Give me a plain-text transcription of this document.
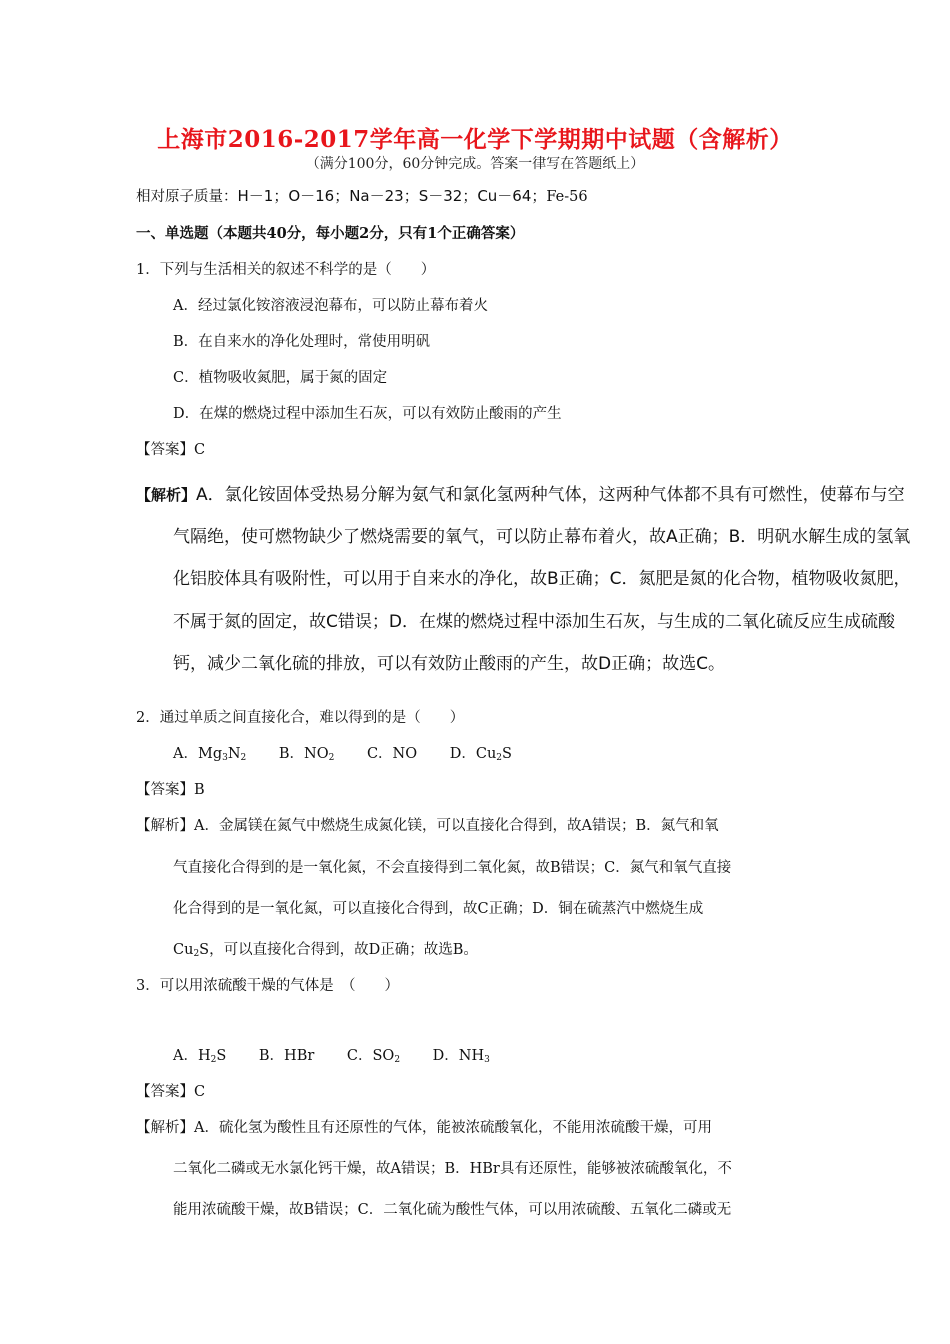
上海市2016-2017学年高一化学下学期期中试题（含解析）
（满分100分，60分钟完成。答案一律写在答题纸上）
相对原子质量：H－1；O－16；Na－23；S－32；Cu－64；Fe-56
一、单选题（本题共40分，每小题2分，只有1个正确答案）
1．下列与生活相关的叙述不科学的是（　　）
A．经过氯化铵溶液浸泡幕布，可以防止幕布着火
B．在自来水的净化处理时，常使用明矾
C．植物吸收氮肥，属于氮的固定
D．在煤的燃烧过程中添加生石灰，可以有效防止酸雨的产生
【答案】C
【解析】A．氯化铵固体受热易分解为氨气和氯化氢两种气体，这两种气体都不具有可燃性，使幕布与空
气隔绝，使可燃物缺少了燃烧需要的氧气，可以防止幕布着火，故A正确；B．明矾水解生成的氢氧
化铝胶体具有吸附性，可以用于自来水的净化，故B正确；C．氮肥是氮的化合物，植物吸收氮肥，
不属于氮的固定，故C错误；D．在煤的燃烧过程中添加生石灰，与生成的二氧化硫反应生成硫酸
钙，减少二氧化硫的排放，可以有效防止酸雨的产生，故D正确；故选C。
2．通过单质之间直接化合，难以得到的是（　　）
A．$Mg_3N_2$ B．$NO_2$ C．NO D．$Cu_2S$
【答案】B
【解析】A．金属镁在氮气中燃烧生成氮化镁，可以直接化合得到，故A错误；B．氮气和氧
气直接化合得到的是一氧化氮，不会直接得到二氧化氮，故B错误；C．氮气和氧气直接
化合得到的是一氧化氮，可以直接化合得到，故C正确；D．铜在硫蒸汽中燃烧生成
$Cu_2S$，可以直接化合得到，故D正确；故选B。
3．可以用浓硫酸干燥的气体是　（　　）
A．$H_2S$ B．HBr C．$SO_2$ D．$NH_3$
【答案】C
【解析】A．硫化氢为酸性且有还原性的气体，能被浓硫酸氧化，不能用浓硫酸干燥，可用
二氧化二磷或无水氯化钙干燥，故A错误；B．HBr具有还原性，能够被浓硫酸氧化，不
能用浓硫酸干燥，故B错误；C．二氧化硫为酸性气体，可以用浓硫酸、五氧化二磷或无
